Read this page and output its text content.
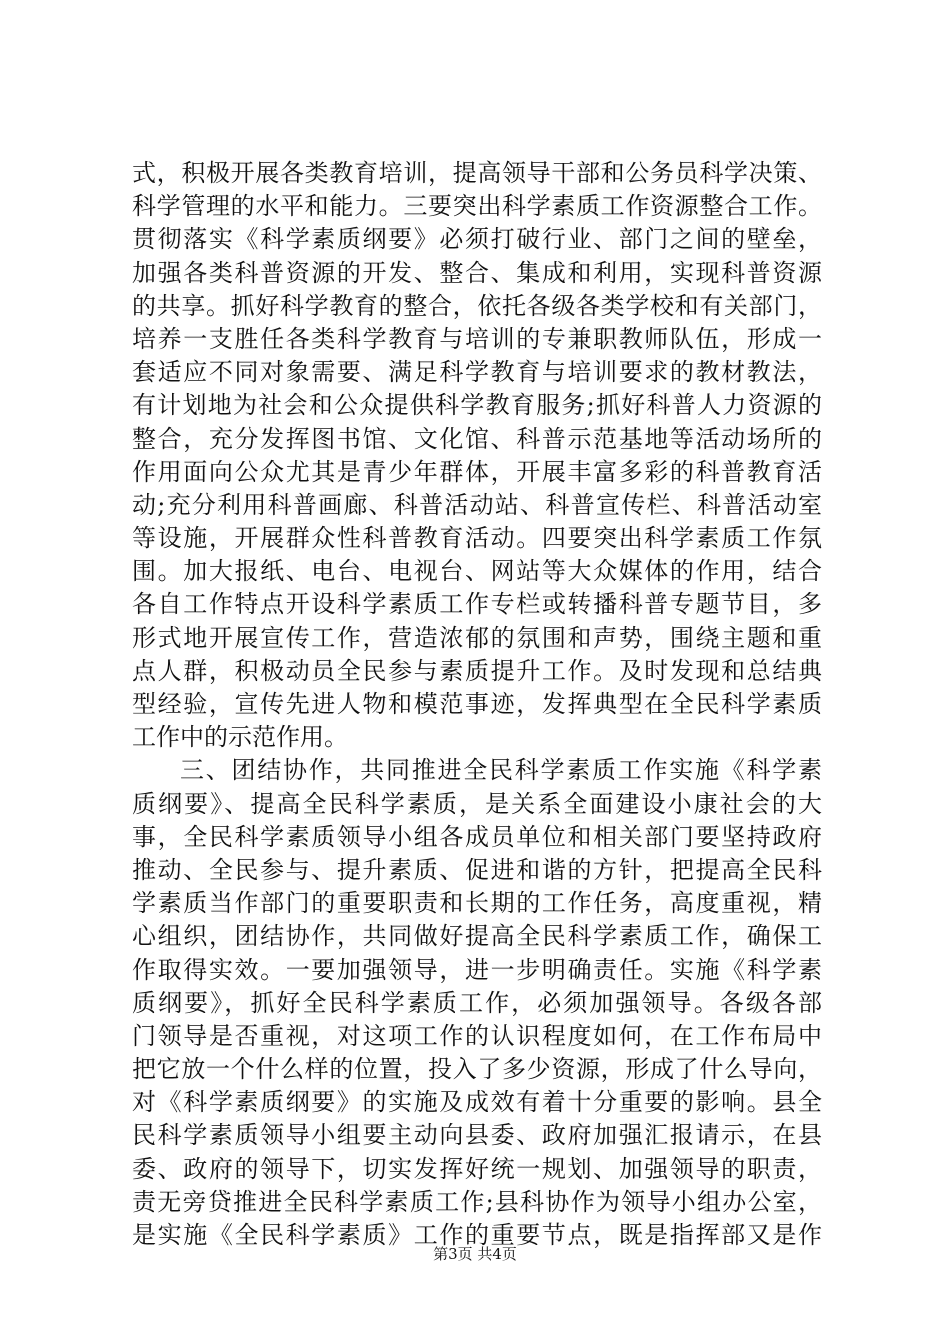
式，积极开展各类教育培训，提高领导干部和公务员科学决策、
科学管理的水平和能力。三要突出科学素质工作资源整合工作。
贯彻落实《科学素质纲要》必须打破行业、部门之间的壁垒，
加强各类科普资源的开发、整合、集成和利用，实现科普资源
的共享。抓好科学教育的整合，依托各级各类学校和有关部门，
培养一支胜任各类科学教育与培训的专兼职教师队伍，形成一
套适应不同对象需要、满足科学教育与培训要求的教材教法，
有计划地为社会和公众提供科学教育服务;抓好科普人力资源的
整合，充分发挥图书馆、文化馆、科普示范基地等活动场所的
作用面向公众尤其是青少年群体，开展丰富多彩的科普教育活
动;充分利用科普画廊、科普活动站、科普宣传栏、科普活动室
等设施，开展群众性科普教育活动。四要突出科学素质工作氛
围。加大报纸、电台、电视台、网站等大众媒体的作用，结合
各自工作特点开设科学素质工作专栏或转播科普专题节目，多
形式地开展宣传工作，营造浓郁的氛围和声势，围绕主题和重
点人群，积极动员全民参与素质提升工作。及时发现和总结典
型经验，宣传先进人物和模范事迹，发挥典型在全民科学素质
工作中的示范作用。
三、团结协作，共同推进全民科学素质工作实施《科学素
质纲要》、提高全民科学素质，是关系全面建设小康社会的大
事，全民科学素质领导小组各成员单位和相关部门要坚持政府
推动、全民参与、提升素质、促进和谐的方针，把提高全民科
学素质当作部门的重要职责和长期的工作任务，高度重视，精
心组织，团结协作，共同做好提高全民科学素质工作，确保工
作取得实效。一要加强领导，进一步明确责任。实施《科学素
质纲要》，抓好全民科学素质工作，必须加强领导。各级各部
门领导是否重视，对这项工作的认识程度如何，在工作布局中
把它放一个什么样的位置，投入了多少资源，形成了什么导向，
对《科学素质纲要》的实施及成效有着十分重要的影响。县全
民科学素质领导小组要主动向县委、政府加强汇报请示，在县
委、政府的领导下，切实发挥好统一规划、加强领导的职责，
责无旁贷推进全民科学素质工作;县科协作为领导小组办公室，
是实施《全民科学素质》工作的重要节点，既是指挥部又是作
第3页 共4页
